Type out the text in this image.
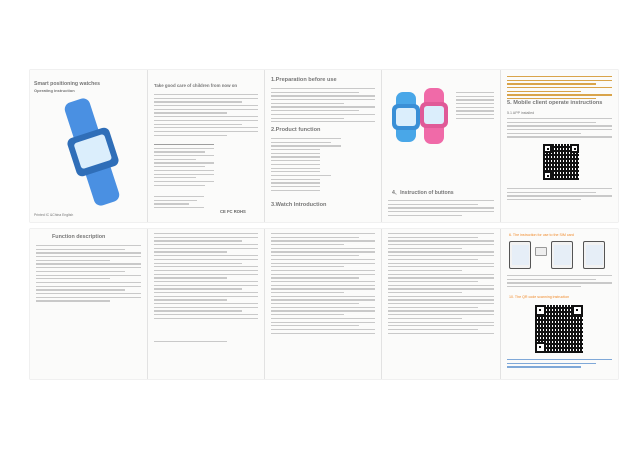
Smart positioning watches
Operating instruction
Printed IC &China English
Take good care of children from now on
CE FC ROHS
1.Preparation before use
2.Product function
3.Watch Introduction
4、Instruction of buttons
5. Mobile client operate instructions
5.1 APP installed
Function description	6. The instruction for use to the SIM card
10. The QR code scanning instruction
